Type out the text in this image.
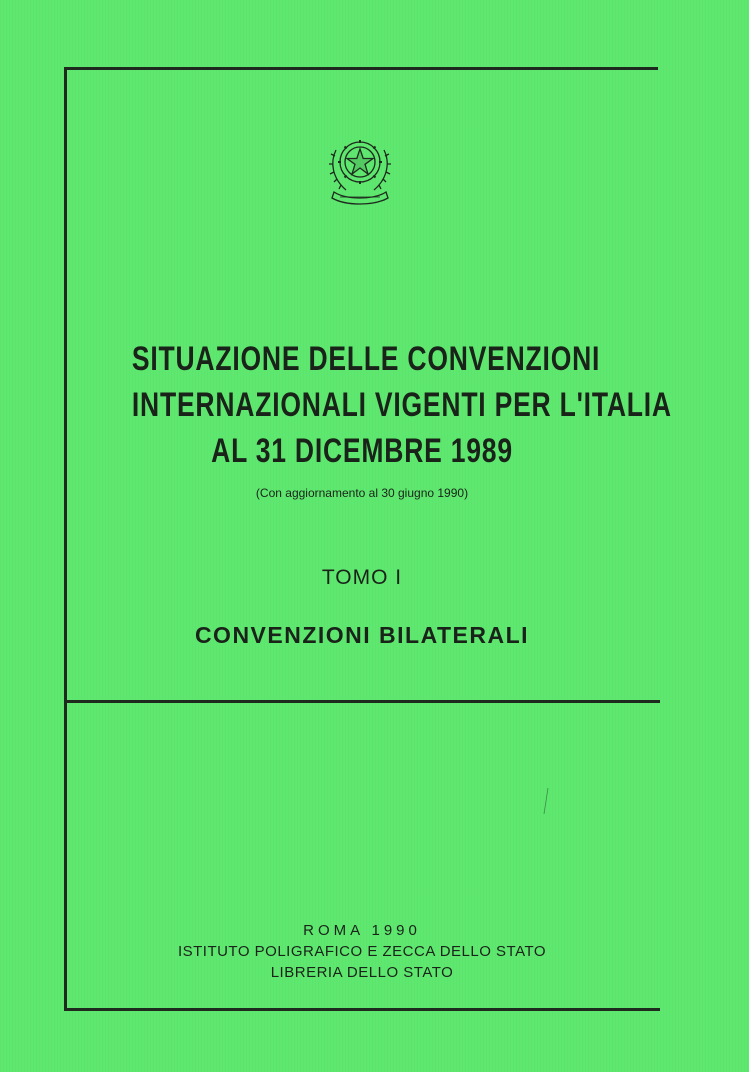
SITUAZIONE DELLE CONVENZIONI
INTERNAZIONALI VIGENTI PER L'ITALIA
AL 31 DICEMBRE 1989
(Con aggiornamento al 30 giugno 1990)
TOMO I
CONVENZIONI BILATERALI
ROMA 1990
ISTITUTO POLIGRAFICO E ZECCA DELLO STATO
LIBRERIA DELLO STATO
